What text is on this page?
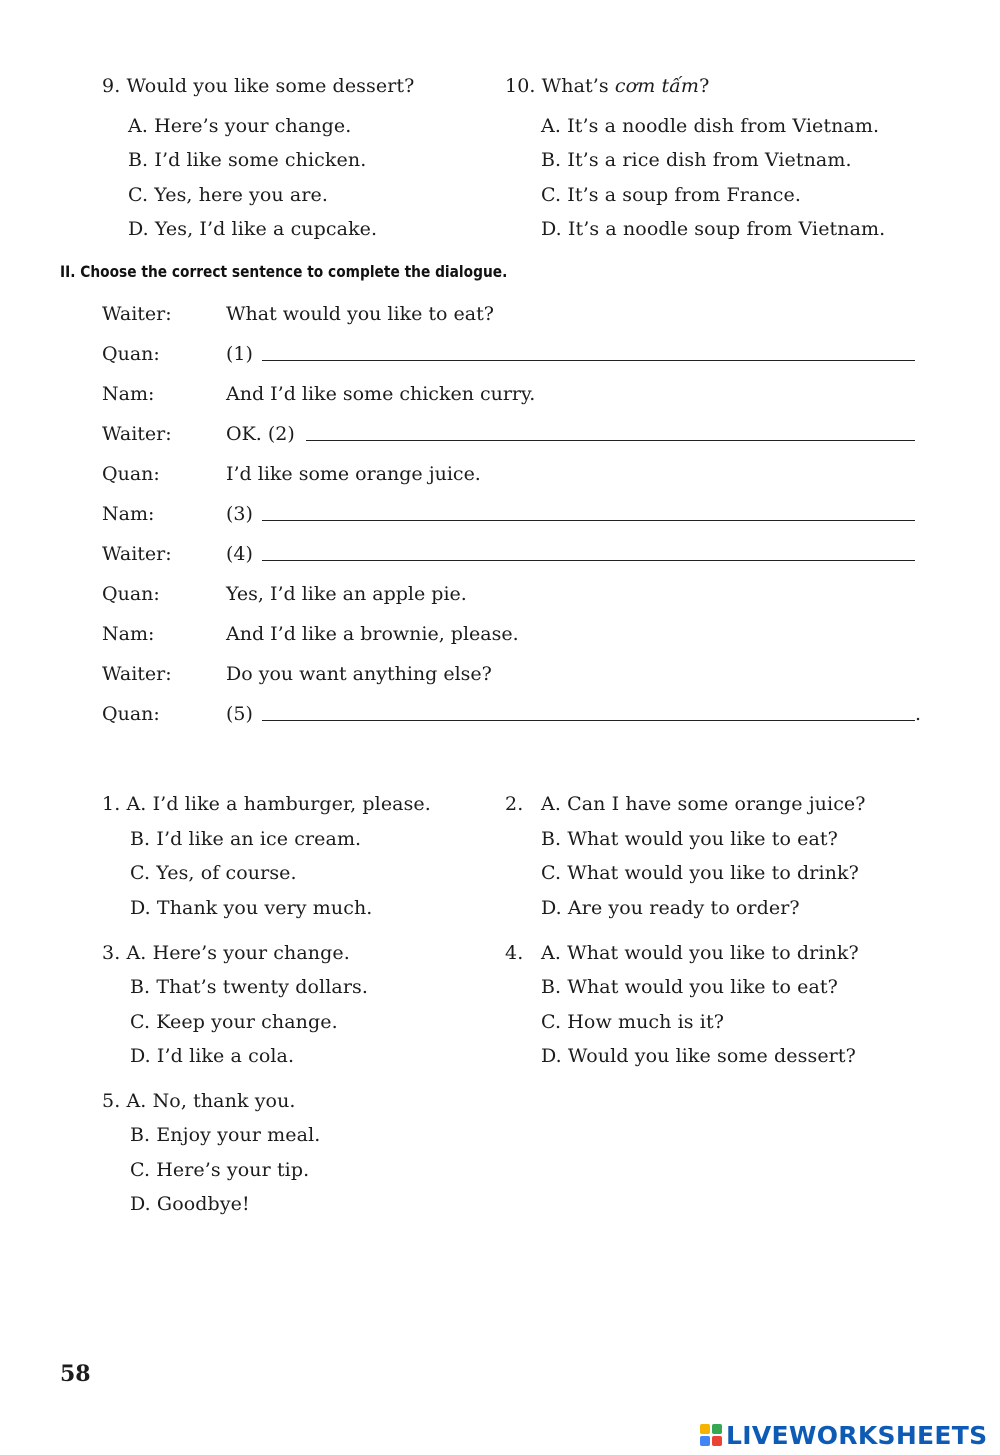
9. Would you like some dessert?
A. Here’s your change.
B. I’d like some chicken.
C. Yes, here you are.
D. Yes, I’d like a cupcake.
10. What’s cơm tấm?
A. It’s a noodle dish from Vietnam.
B. It’s a rice dish from Vietnam.
C. It’s a soup from France.
D. It’s a noodle soup from Vietnam.
II. Choose the correct sentence to complete the dialogue.
Waiter:	What would you like to eat?
Quan:	(1)
Nam:	And I’d like some chicken curry.
Waiter:	OK. (2)
Quan:	I’d like some orange juice.
Nam:	(3)
Waiter:	(4)
Quan:	Yes, I’d like an apple pie.
Nam:	And I’d like a brownie, please.
Waiter:	Do you want anything else?
Quan:	(5)	.
1. A. I’d like a hamburger, please.
B. I’d like an ice cream.
C. Yes, of course.
D. Thank you very much.
2. A. Can I have some orange juice?
B. What would you like to eat?
C. What would you like to drink?
D. Are you ready to order?
3. A. Here’s your change.
B. That’s twenty dollars.
C. Keep your change.
D. I’d like a cola.
4. A. What would you like to drink?
B. What would you like to eat?
C. How much is it?
D. Would you like some dessert?
5. A. No, thank you.
B. Enjoy your meal.
C. Here’s your tip.
D. Goodbye!
58
LIVEWORKSHEETS
